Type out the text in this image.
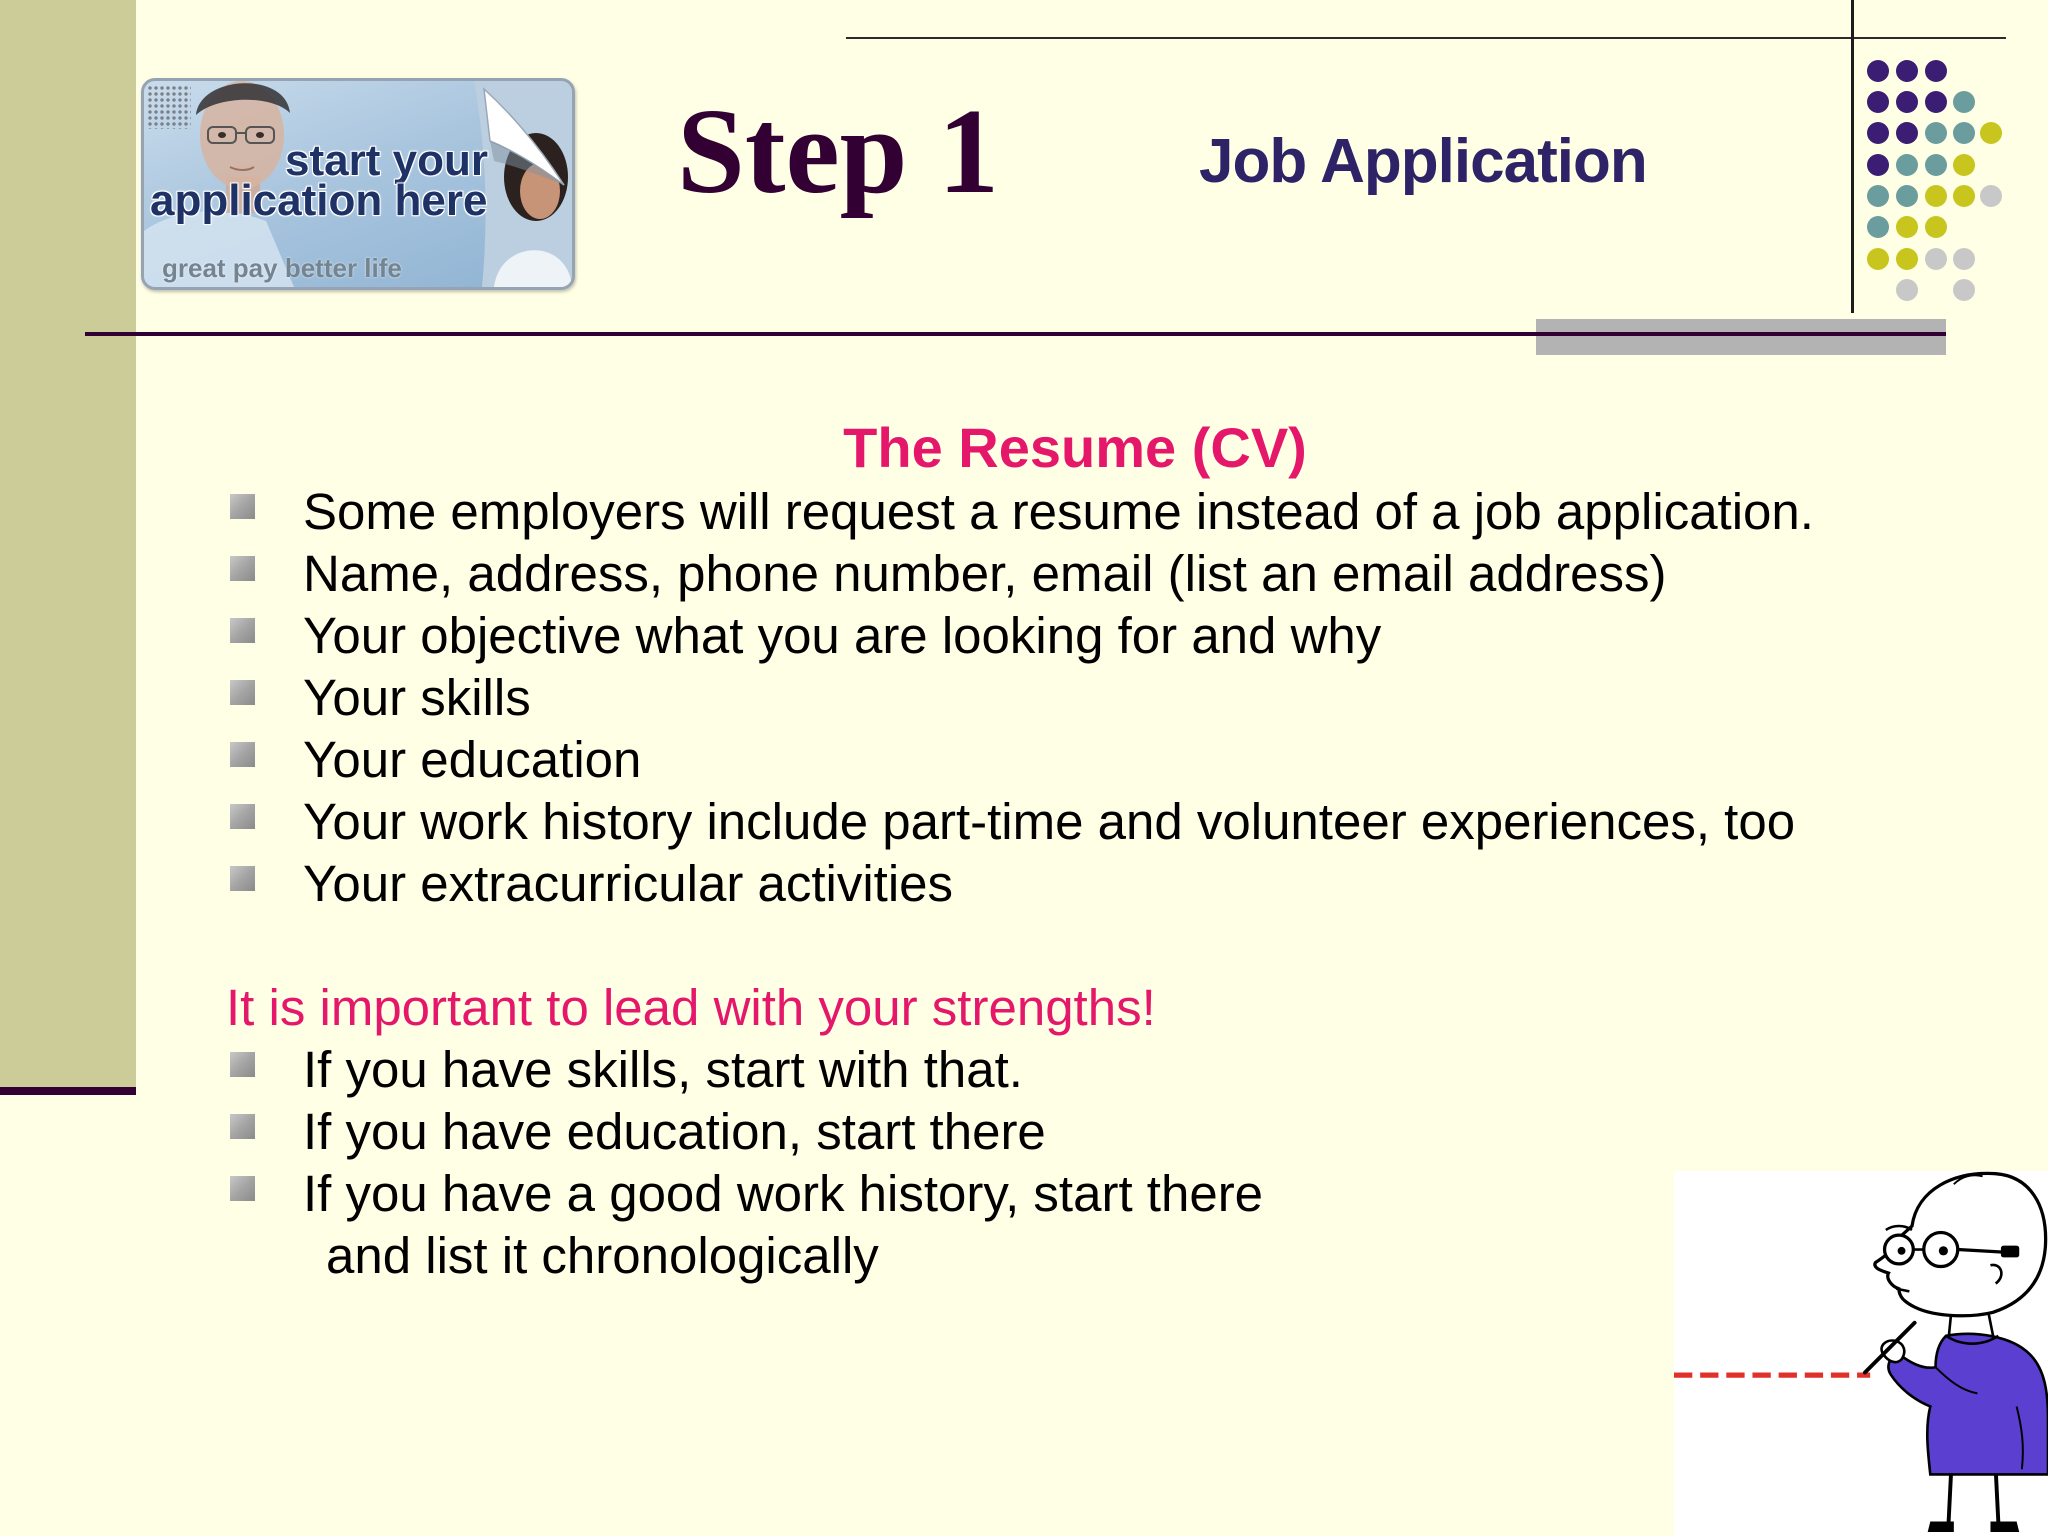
start your
application here
great pay better life
Step 1	Job Application
The Resume (CV)
Some employers will request a resume instead of a job application.
Name, address, phone number, email (list an email address)
Your objective what you are looking for and why
Your skills
Your education
Your work history include part-time and volunteer experiences, too
Your extracurricular activities
It is important to lead with your strengths!
If you have skills, start with that.
If you have education, start there
If you have a good work history, start there
and list it chronologically
